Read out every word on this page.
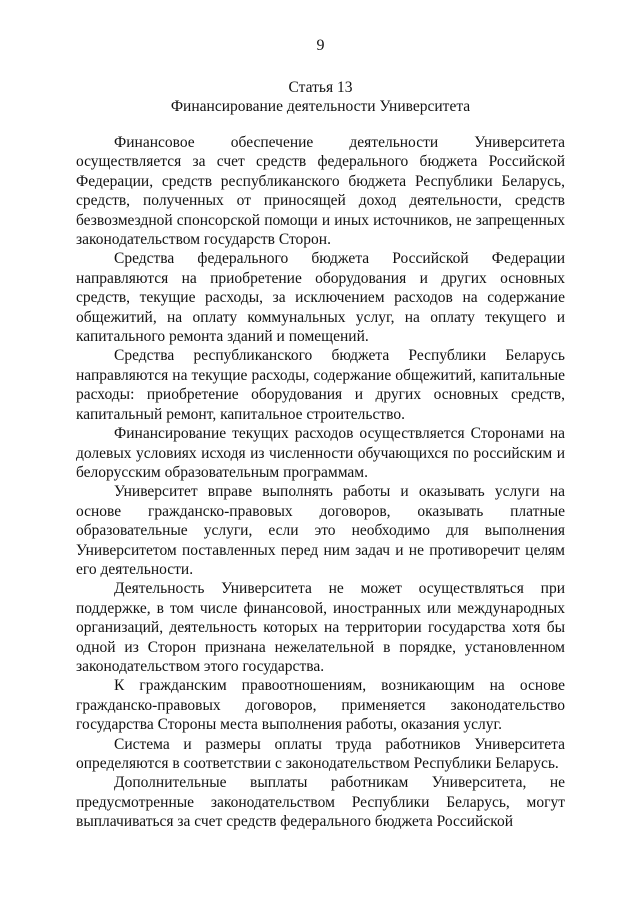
9
Статья 13
Финансирование деятельности Университета

Финансовое обеспечение деятельности Университета осуществляется за счет средств федерального бюджета Российской Федерации, средств республиканского бюджета Республики Беларусь, средств, полученных от приносящей доход деятельности, средств безвозмездной спонсорской помощи и иных источников, не запрещенных законодательством государств Сторон.

Средства федерального бюджета Российской Федерации направляются на приобретение оборудования и других основных средств, текущие расходы, за исключением расходов на содержание общежитий, на оплату коммунальных услуг, на оплату текущего и капитального ремонта зданий и помещений.

Средства республиканского бюджета Республики Беларусь направляются на текущие расходы, содержание общежитий, капитальные расходы: приобретение оборудования и других основных средств, капитальный ремонт, капитальное строительство.

Финансирование текущих расходов осуществляется Сторонами на долевых условиях исходя из численности обучающихся по российским и белорусским образовательным программам.

Университет вправе выполнять работы и оказывать услуги на основе гражданско-правовых договоров, оказывать платные образовательные услуги, если это необходимо для выполнения Университетом поставленных перед ним задач и не противоречит целям его деятельности.

Деятельность Университета не может осуществляться при поддержке, в том числе финансовой, иностранных или международных организаций, деятельность которых на территории государства хотя бы одной из Сторон признана нежелательной в порядке, установленном законодательством этого государства.

К гражданским правоотношениям, возникающим на основе гражданско-правовых договоров, применяется законодательство государства Стороны места выполнения работы, оказания услуг.

Система и размеры оплаты труда работников Университета определяются в соответствии с законодательством Республики Беларусь.

Дополнительные выплаты работникам Университета, не предусмотренные законодательством Республики Беларусь, могут выплачиваться за счет средств федерального бюджета Российской
